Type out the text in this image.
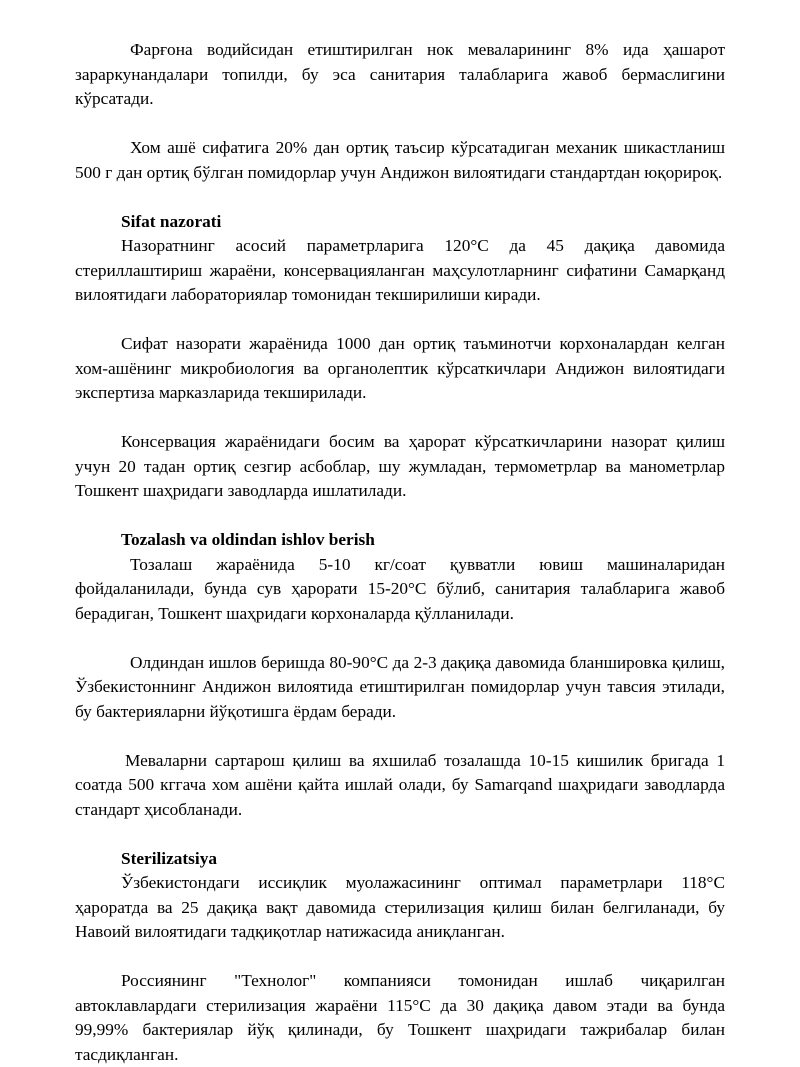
Фарғона водийсидан етиштирилган нок меваларининг 8% ида ҳашарот зараркунандалари топилди, бу эса санитария талабларига жавоб бермаслигини кўрсатади.

Хом ашё сифатига 20% дан ортиқ таъсир кўрсатадиган механик шикастланиш 500 г дан ортиқ бўлган помидорлар учун Андижон вилоятидаги стандартдан юқорироқ.

Sifat nazorati

Назоратнинг асосий параметрларига 120°С да 45 дақиқа давомида стериллаштириш жараёни, консервацияланган маҳсулотларнинг сифатини Самарқанд вилоятидаги лабораториялар томонидан текширилиши киради.

Сифат назорати жараёнида 1000 дан ортиқ таъминотчи корхоналардан келган хом-ашёнинг микробиология ва органолептик кўрсаткичлари Андижон вилоятидаги экспертиза марказларида текширилади.

Консервация жараёнидаги босим ва ҳарорат кўрсаткичларини назорат қилиш учун 20 тадан ортиқ сезгир асбоблар, шу жумладан, термометрлар ва манометрлар Тошкент шаҳридаги заводларда ишлатилади.

Tozalash va oldindan ishlov berish

Тозалаш жараёнида 5-10 кг/соат қувватли ювиш машиналаридан фойдаланилади, бунда сув ҳарорати 15-20°С бўлиб, санитария талабларига жавоб берадиган, Тошкент шаҳридаги корхоналарда қўлланилади.

Олдиндан ишлов беришда 80-90°С да 2-3 дақиқа давомида бланшировка қилиш, Ўзбекистоннинг Андижон вилоятида етиштирилган помидорлар учун тавсия этилади, бу бактерияларни йўқотишга ёрдам беради.

Меваларни сартарош қилиш ва яхшилаб тозалашда 10-15 кишилик бригада 1 соатда 500 кггача хом ашёни қайта ишлай олади, бу Samarqand шаҳридаги заводларда стандарт ҳисобланади.

Sterilizatsiya

Ўзбекистондаги иссиқлик муолажасининг оптимал параметрлари 118°С ҳароратда ва 25 дақиқа вақт давомида стерилизация қилиш билан белгиланади, бу Навоий вилоятидаги тадқиқотлар натижасида аниқланган.

Россиянинг "Технолог" компанияси томонидан ишлаб чиқарилган автоклавлардаги стерилизация жараёни 115°С да 30 дақиқа давом этади ва бунда 99,99% бактериялар йўқ қилинади, бу Тошкент шаҳридаги тажрибалар билан тасдиқланган.
